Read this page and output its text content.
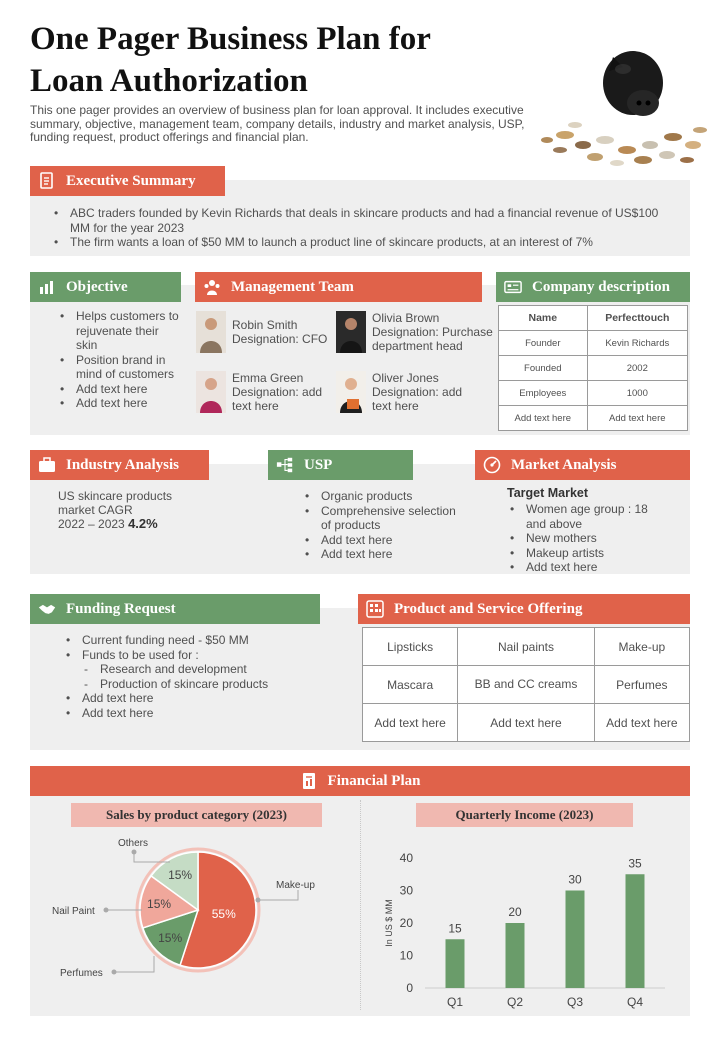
One Pager Business Plan for
Loan Authorization
This one pager provides an overview of business plan for loan approval. It includes executive summary, objective, management team, company details, industry and market analysis, USP, funding request, product offerings and financial plan.
Executive Summary
• ABC traders founded by Kevin Richards that deals in skincare products and had a financial revenue of US$100 MM for the year 2023
• The firm wants a loan of $50 MM to launch a product line of skincare products, at an interest of 7%
Objective
• Helps customers to rejuvenate their skin
• Position brand in mind of customers
• Add text here
• Add text here
Management Team
Robin Smith
Designation: CFO
Olivia Brown
Designation: Purchase department head
Emma Green
Designation: add text here
Oliver Jones
Designation: add text here
Company description
Name	Perfecttouch
Founder	Kevin Richards
Founded	2002
Employees	1000
Add text here	Add text here
Industry Analysis
US skincare products market CAGR
2022 – 2023 4.2%
USP
• Organic products
• Comprehensive selection of products
• Add text here
• Add text here
Market Analysis
Target Market
• Women age group : 18 and above
• New mothers
• Makeup artists
• Add text here
Funding Request
• Current funding need - $50 MM
• Funds to be used for :
- Research and development
- Production of skincare products
• Add text here
• Add text here
Product and Service Offering
Lipsticks	Nail paints	Make-up
Mascara	BB and CC creams	Perfumes
Add text here	Add text here	Add text here
Financial Plan
Sales by product category (2023)	Quarterly Income (2023)
55%
15%
15%
15%
Make-up
Perfumes
Nail Paint
Others
0
10
20
30
40
In US $ MM	15
Q1
20
Q2
30
Q3
35
Q4
